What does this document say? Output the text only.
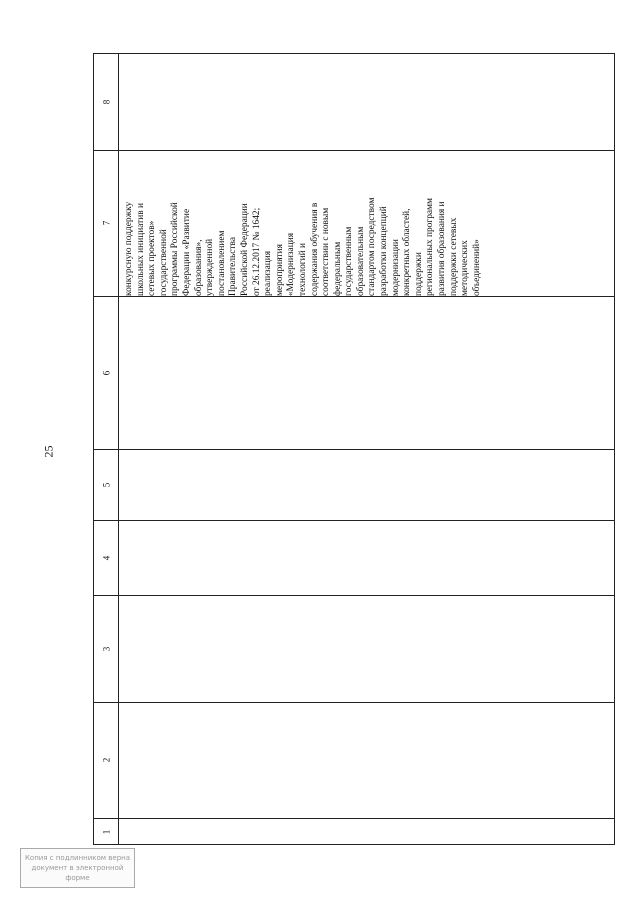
25
8
7
6
5
4
3
2
1
конкурсную поддержку школьных инициатив и сетевых проектов» государственной программы Российской Федерации «Развитие образования», утвержденной постановлением Правительства Российской Федерации от 26.12.2017 № 1642; реализация мероприятия «Модернизация технологий и содержания обучения в соответствии с новым федеральным государственным образовательным стандартом посредством разработки концепций модернизации конкретных областей, поддержки региональных программ развития образования и поддержки сетевых методических объединений»
Копия с подлинником верна
документ в электронной
форме
